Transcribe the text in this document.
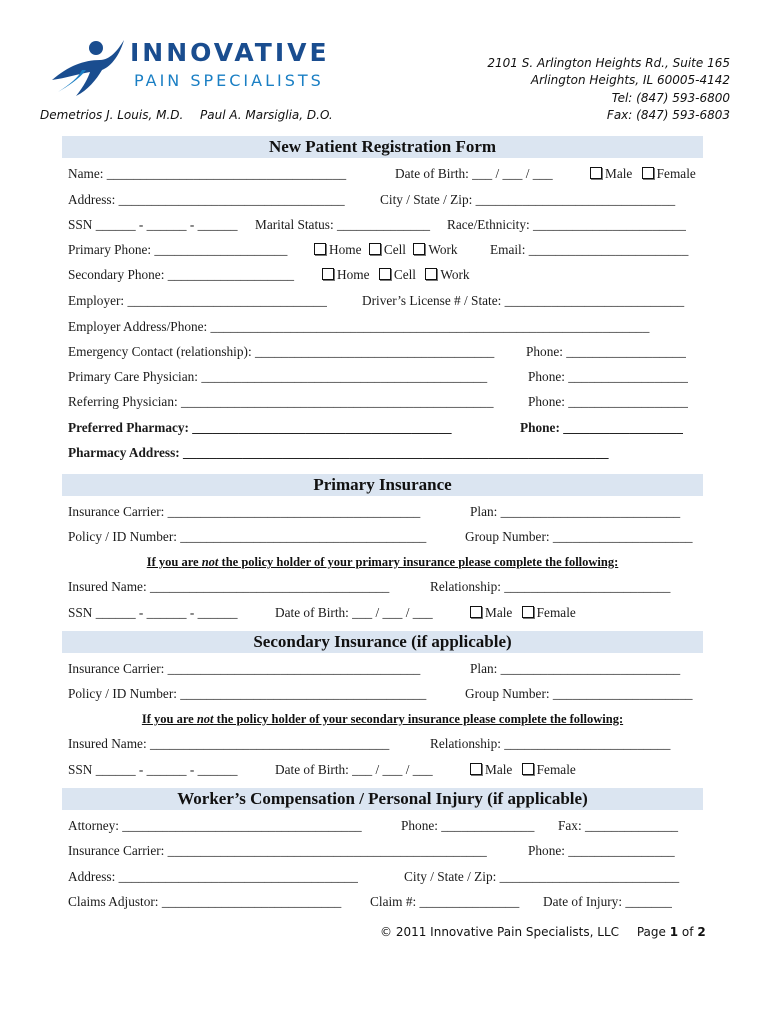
INNOVATIVE
PAIN SPECIALISTS
Demetrios J. Louis, M.D. Paul A. Marsiglia, D.O.
2101 S. Arlington Heights Rd., Suite 165
Arlington Heights, IL 60005-4142
Tel: (847) 593-6800
Fax: (847) 593-6803
New Patient Registration Form
Name: ____________________________________	Date of Birth: ___ / ___ / ___	Male Female
Address: __________________________________	City / State / Zip: ______________________________
SSN ______ - ______ - ______ Marital Status: ______________ Race/Ethnicity: _______________________
Primary Phone: ____________________	Home Cell Work Email: ________________________
Secondary Phone: ___________________	Home Cell Work
Employer: ______________________________	Driver’s License # / State: ___________________________
Employer Address/Phone: __________________________________________________________________
Emergency Contact (relationship): ____________________________________ Phone: __________________
Primary Care Physician: ___________________________________________	Phone: __________________
Referring Physician: _______________________________________________	Phone: __________________
Preferred Pharmacy: _______________________________________	Phone: __________________
Pharmacy Address: ________________________________________________________________
Primary Insurance
Insurance Carrier: ______________________________________	Plan: ___________________________
Policy / ID Number: _____________________________________	Group Number: _____________________
If you are not the policy holder of your primary insurance please complete the following:
Insured Name: ____________________________________	Relationship: _________________________
SSN ______ - ______ - ______	Date of Birth: ___ / ___ / ___	Male Female
Secondary Insurance (if applicable)
Insurance Carrier: ______________________________________	Plan: ___________________________
Policy / ID Number: _____________________________________	Group Number: _____________________
If you are not the policy holder of your secondary insurance please complete the following:
Insured Name: ____________________________________	Relationship: _________________________
SSN ______ - ______ - ______	Date of Birth: ___ / ___ / ___	Male Female
Worker’s Compensation / Personal Injury (if applicable)
Attorney: ____________________________________	Phone: ______________ Fax: ______________
Insurance Carrier: ________________________________________________	Phone: ________________
Address: ____________________________________	City / State / Zip: ___________________________
Claims Adjustor: ___________________________ Claim #: _______________ Date of Injury: _______
© 2011 Innovative Pain Specialists, LLC Page 1 of 2
